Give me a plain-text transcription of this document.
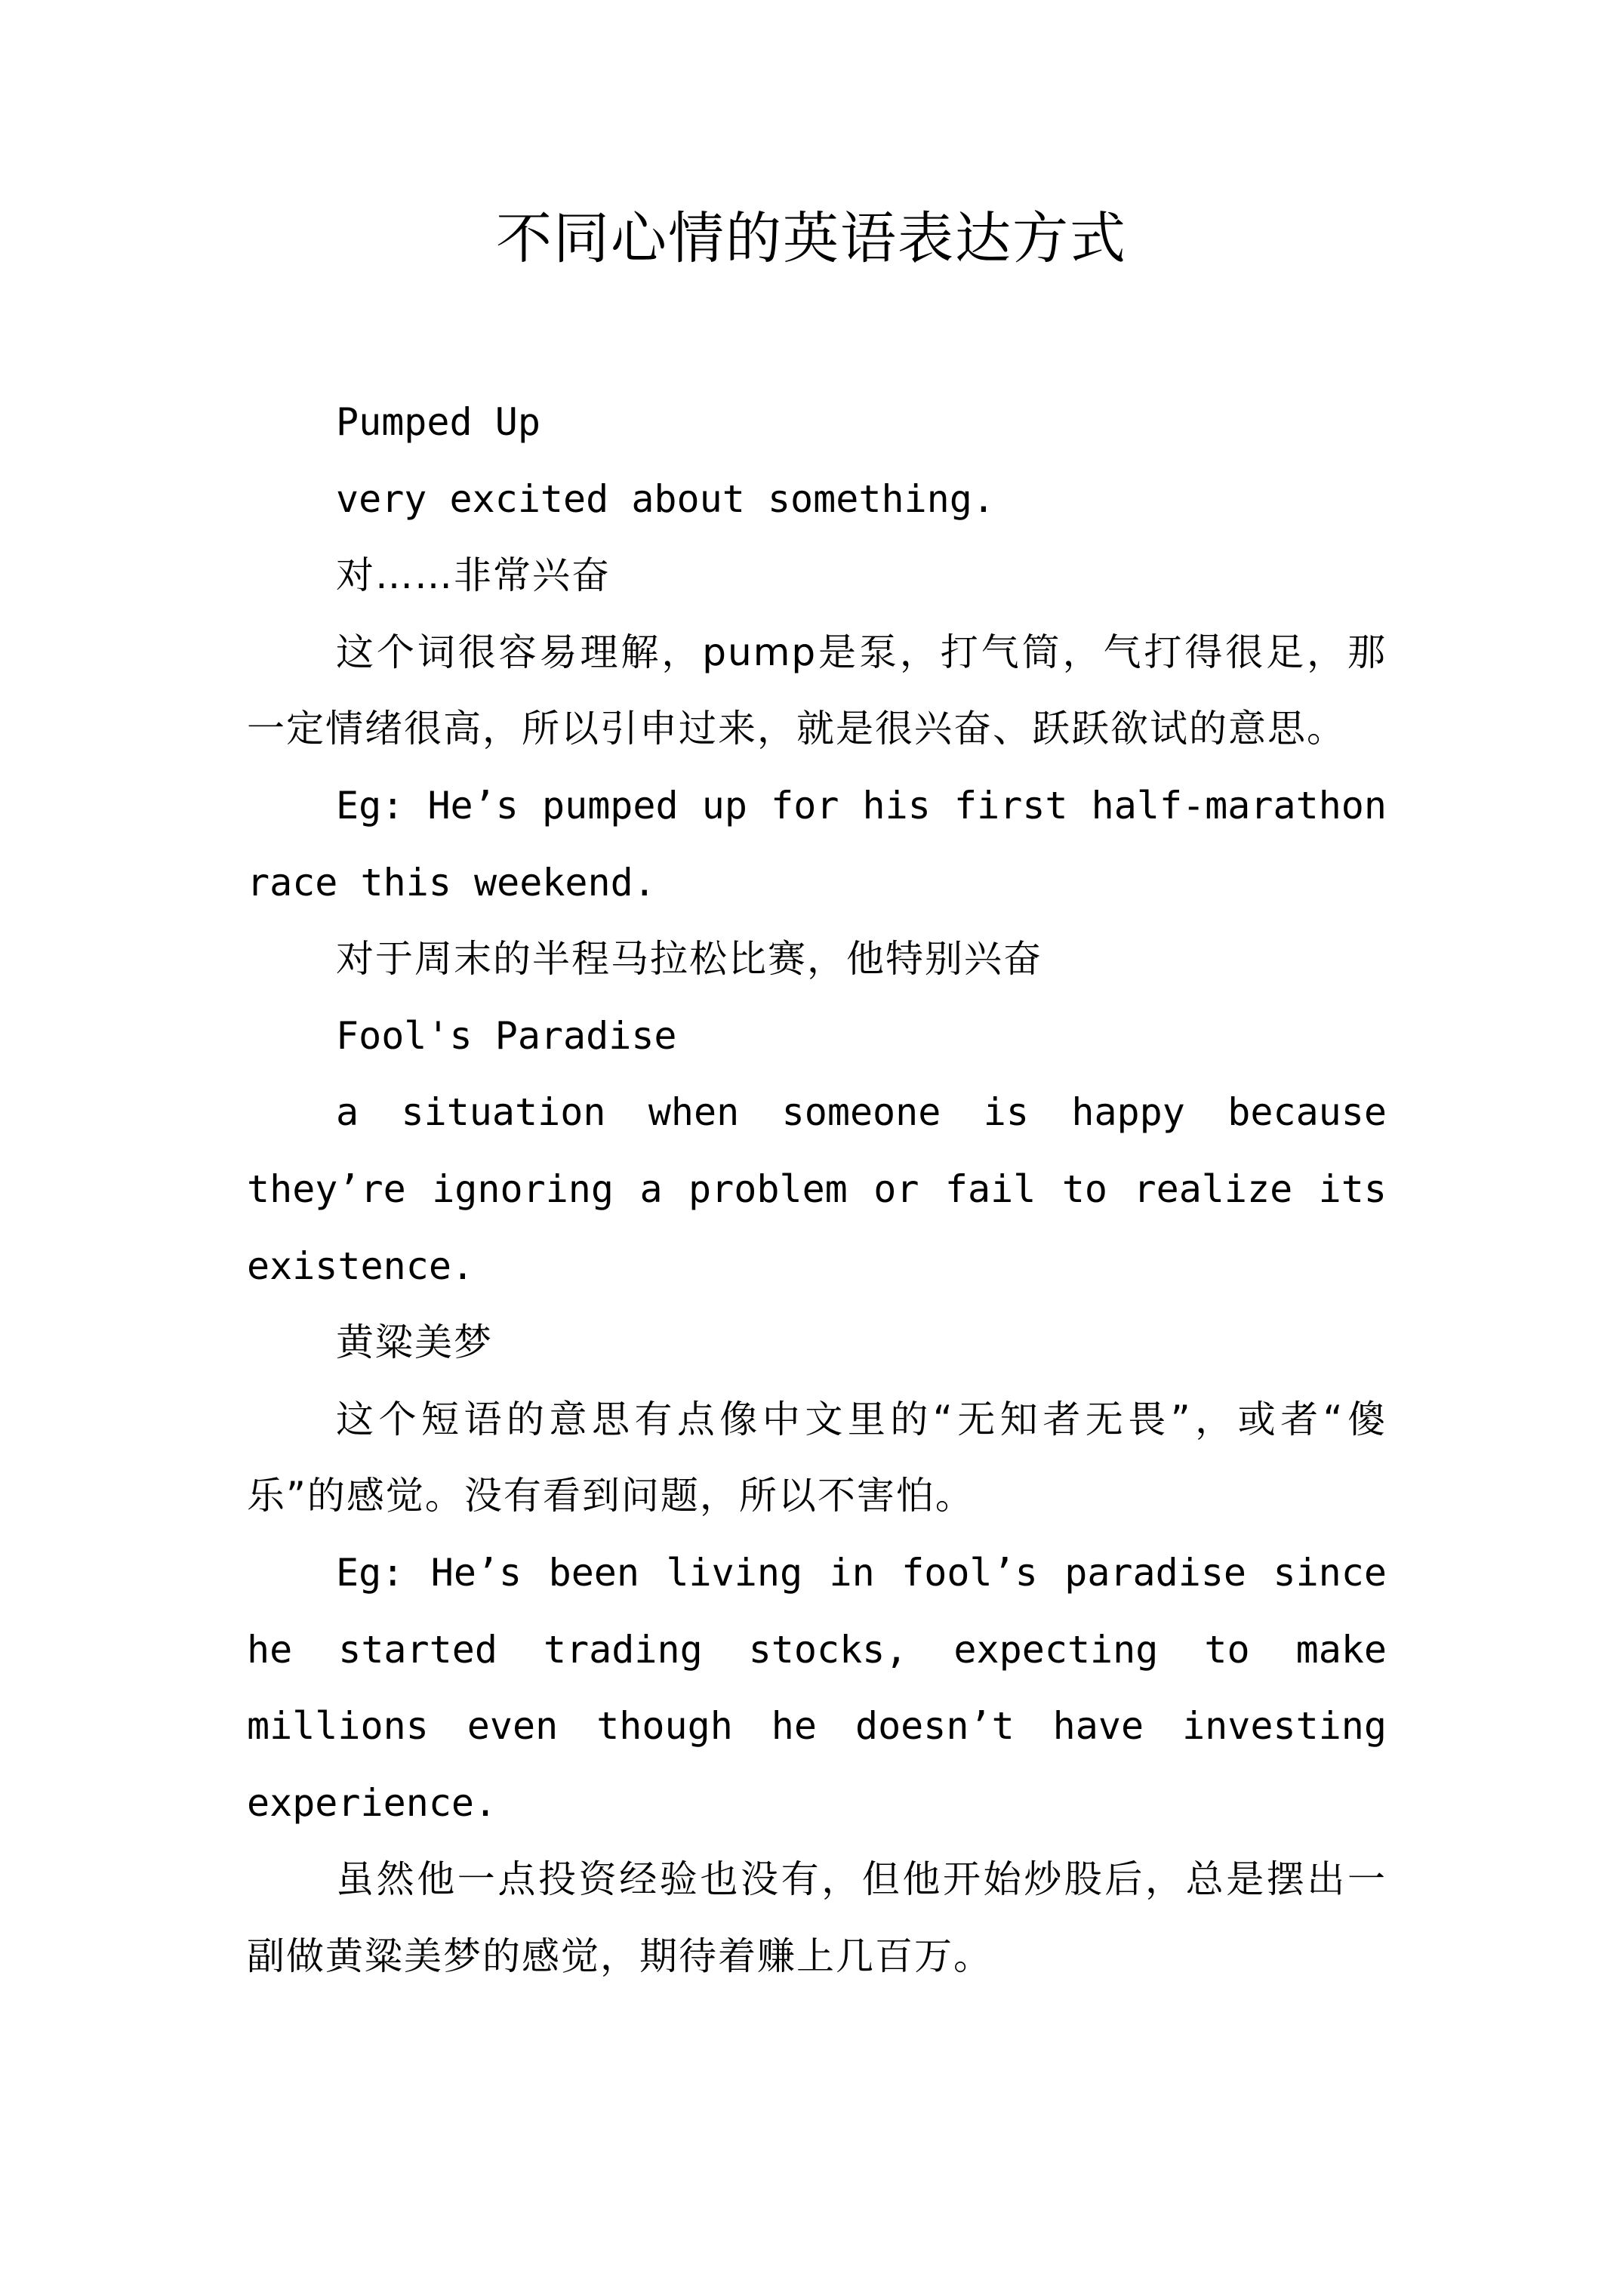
不同心情的英语表达方式

Pumped Up

very excited about something.

对……非常兴奋

这个词很容易理解，pump是泵，打气筒，气打得很足，那一定情绪很高，所以引申过来，就是很兴奋、跃跃欲试的意思。

Eg: He’s pumped up for his first half-marathon race this weekend.

对于周末的半程马拉松比赛，他特别兴奋

Fool's Paradise

a situation when someone is happy because they’re ignoring a problem or fail to realize its existence.

黄粱美梦

这个短语的意思有点像中文里的“无知者无畏”，或者“傻乐”的感觉。没有看到问题，所以不害怕。

Eg: He’s been living in fool’s paradise since he started trading stocks, expecting to make millions even though he doesn’t have investing experience.

虽然他一点投资经验也没有，但他开始炒股后，总是摆出一副做黄粱美梦的感觉，期待着赚上几百万。
